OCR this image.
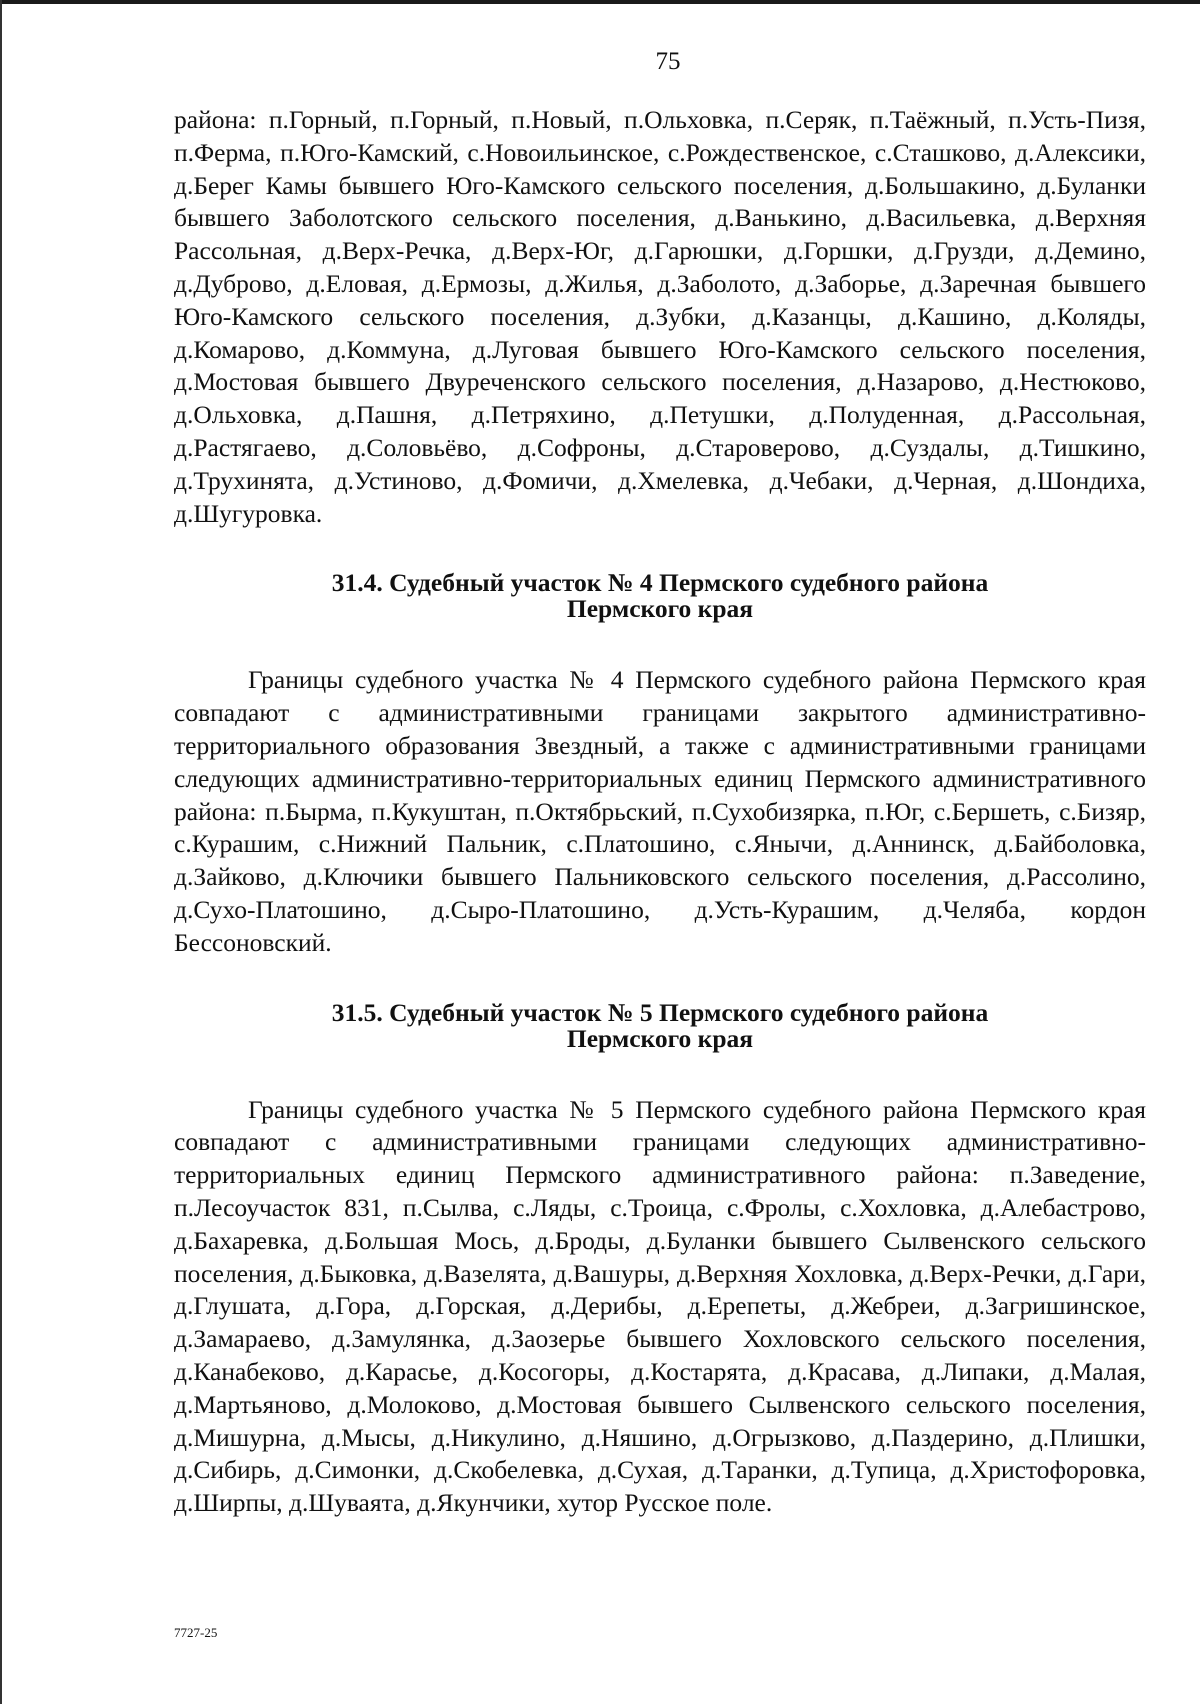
75

района: п.Горный, п.Горный, п.Новый, п.Ольховка, п.Серяк, п.Таёжный, п.Усть-Пизя, п.Ферма, п.Юго-Камский, с.Новоильинское, с.Рождественское, с.Сташково, д.Алексики, д.Берег Камы бывшего Юго-Камского сельского поселения, д.Большакино, д.Буланки бывшего Заболотского сельского поселения, д.Ванькино, д.Васильевка, д.Верхняя Рассольная, д.Верх-Речка, д.Верх-Юг, д.Гарюшки, д.Горшки, д.Грузди, д.Демино, д.Дуброво, д.Еловая, д.Ермозы, д.Жилья, д.Заболото, д.Заборье, д.Заречная бывшего Юго-Камского сельского поселения, д.Зубки, д.Казанцы, д.Кашино, д.Коляды, д.Комарово, д.Коммуна, д.Луговая бывшего Юго-Камского сельского поселения, д.Мостовая бывшего Двуреченского сельского поселения, д.Назарово, д.Нестюково, д.Ольховка, д.Пашня, д.Петряхино, д.Петушки, д.Полуденная, д.Рассольная, д.Растягаево, д.Соловьёво, д.Софроны, д.Староверово, д.Суздалы, д.Тишкино, д.Трухинята, д.Устиново, д.Фомичи, д.Хмелевка, д.Чебаки, д.Черная, д.Шондиха, д.Шугуровка.

31.4. Судебный участок № 4 Пермского судебного района
Пермского края

Границы судебного участка № 4 Пермского судебного района Пермского края совпадают с административными границами закрытого административно-территориального образования Звездный, а также с административными границами следующих административно-территориальных единиц Пермского административного района: п.Бырма, п.Кукуштан, п.Октябрьский, п.Сухобизярка, п.Юг, с.Бершеть, с.Бизяр, с.Курашим, с.Нижний Пальник, с.Платошино, с.Янычи, д.Аннинск, д.Байболовка, д.Зайково, д.Ключики бывшего Пальниковского сельского поселения, д.Рассолино, д.Сухо-Платошино, д.Сыро-Платошино, д.Усть-Курашим, д.Челяба, кордон Бессоновский.

31.5. Судебный участок № 5 Пермского судебного района
Пермского края

Границы судебного участка № 5 Пермского судебного района Пермского края совпадают с административными границами следующих административно-территориальных единиц Пермского административного района: п.Заведение, п.Лесоучасток 831, п.Сылва, с.Ляды, с.Троица, с.Фролы, с.Хохловка, д.Алебастрово, д.Бахаревка, д.Большая Мось, д.Броды, д.Буланки бывшего Сылвенского сельского поселения, д.Быковка, д.Вазелята, д.Вашуры, д.Верхняя Хохловка, д.Верх-Речки, д.Гари, д.Глушата, д.Гора, д.Горская, д.Дерибы, д.Ерепеты, д.Жебреи, д.Загришинское, д.Замараево, д.Замулянка, д.Заозерье бывшего Хохловского сельского поселения, д.Канабеково, д.Карасье, д.Косогоры, д.Костарята, д.Красава, д.Липаки, д.Малая, д.Мартьяново, д.Молоково, д.Мостовая бывшего Сылвенского сельского поселения, д.Мишурна, д.Мысы, д.Никулино, д.Няшино, д.Огрызково, д.Паздерино, д.Плишки, д.Сибирь, д.Симонки, д.Скобелевка, д.Сухая, д.Таранки, д.Тупица, д.Христофоровка, д.Ширпы, д.Шуваята, д.Якунчики, хутор Русское поле.

7727-25
